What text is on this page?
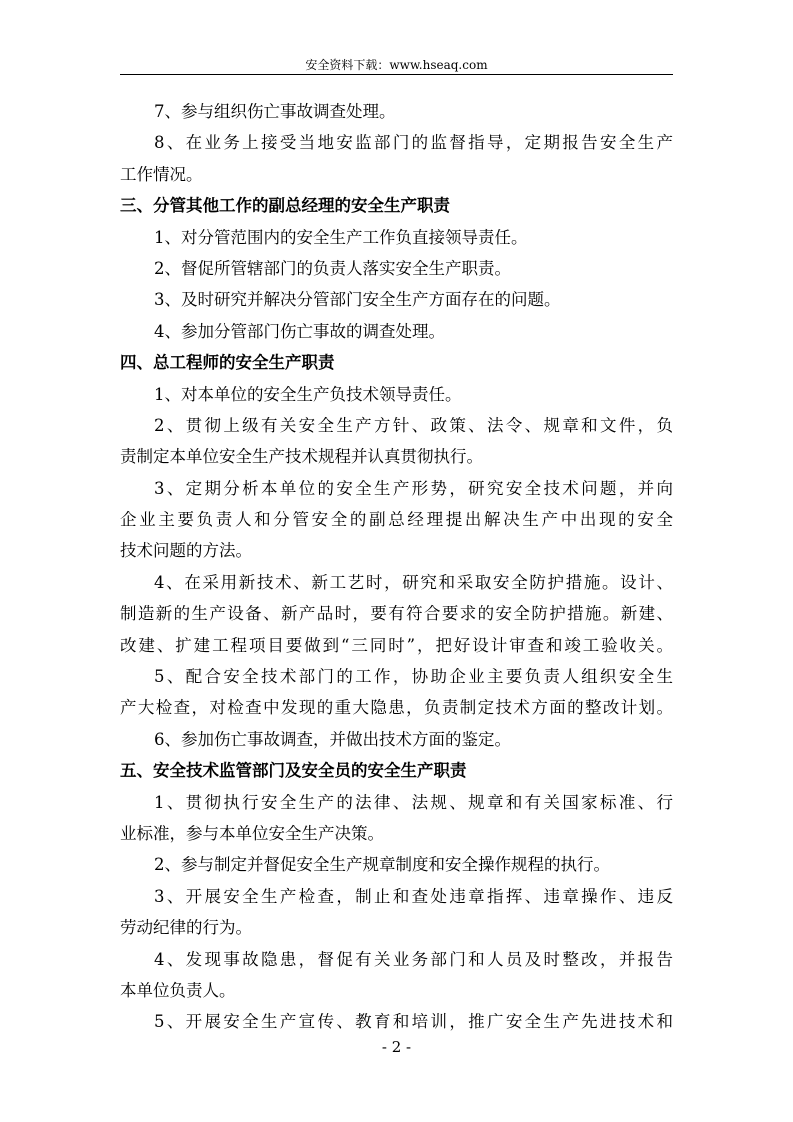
安全资料下载：www.hseaq.com
7、参与组织伤亡事故调查处理。
8、在业务上接受当地安监部门的监督指导，定期报告安全生产
工作情况。
三、分管其他工作的副总经理的安全生产职责
1、对分管范围内的安全生产工作负直接领导责任。
2、督促所管辖部门的负责人落实安全生产职责。
3、及时研究并解决分管部门安全生产方面存在的问题。
4、参加分管部门伤亡事故的调查处理。
四、总工程师的安全生产职责
1、对本单位的安全生产负技术领导责任。
2、贯彻上级有关安全生产方针、政策、法令、规章和文件，负
责制定本单位安全生产技术规程并认真贯彻执行。
3、定期分析本单位的安全生产形势，研究安全技术问题，并向
企业主要负责人和分管安全的副总经理提出解决生产中出现的安全
技术问题的方法。
4、在采用新技术、新工艺时，研究和采取安全防护措施。设计、
制造新的生产设备、新产品时，要有符合要求的安全防护措施。新建、
改建、扩建工程项目要做到“三同时”，把好设计审查和竣工验收关。
5、配合安全技术部门的工作，协助企业主要负责人组织安全生
产大检查，对检查中发现的重大隐患，负责制定技术方面的整改计划。
6、参加伤亡事故调查，并做出技术方面的鉴定。
五、安全技术监管部门及安全员的安全生产职责
1、贯彻执行安全生产的法律、法规、规章和有关国家标准、行
业标准，参与本单位安全生产决策。
2、参与制定并督促安全生产规章制度和安全操作规程的执行。
3、开展安全生产检查，制止和查处违章指挥、违章操作、违反
劳动纪律的行为。
4、发现事故隐患，督促有关业务部门和人员及时整改，并报告
本单位负责人。
5、开展安全生产宣传、教育和培训，推广安全生产先进技术和
- 2 -
